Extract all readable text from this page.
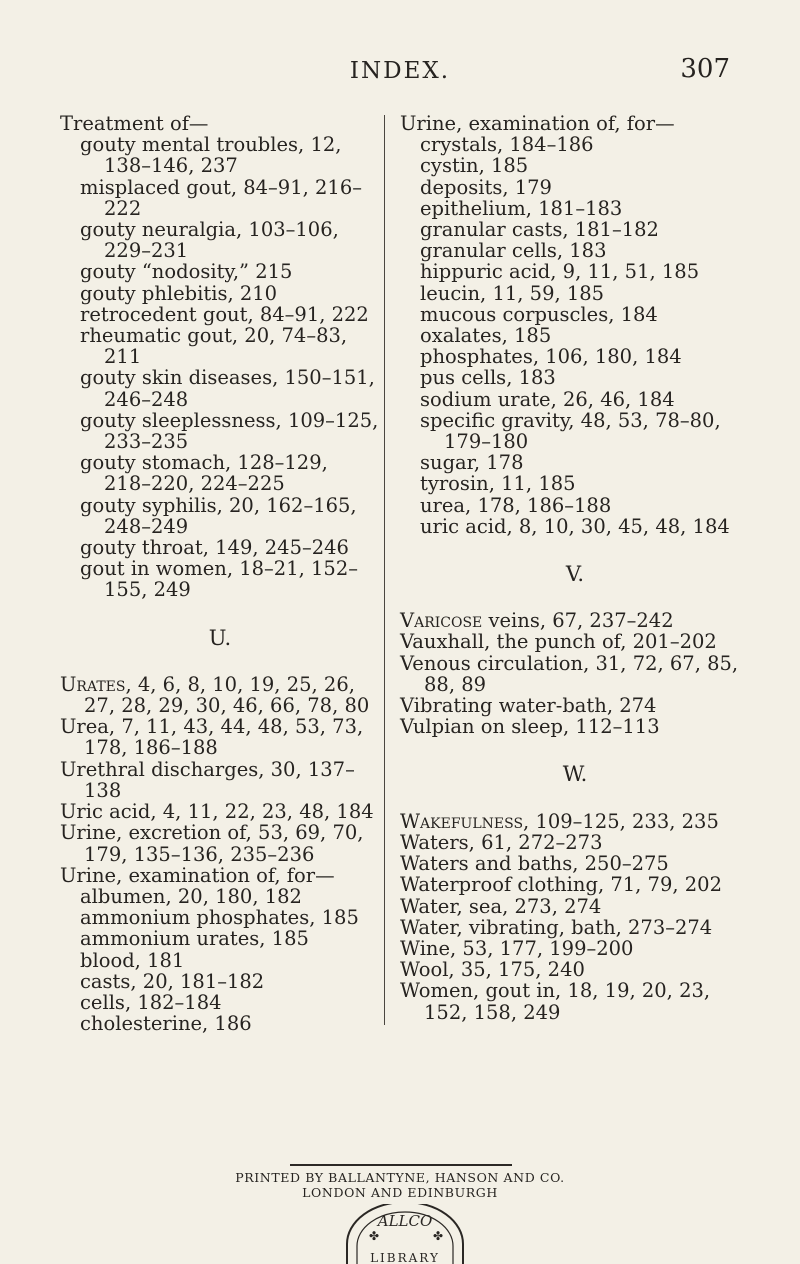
INDEX.	307
Treatment of—
gouty mental troubles, 12, 138–146, 237
misplaced gout, 84–91, 216–222
gouty neuralgia, 103–106, 229–231
gouty “nodosity,” 215
gouty phlebitis, 210
retrocedent gout, 84–91, 222
rheumatic gout, 20, 74–83, 211
gouty skin diseases, 150–151, 246–248
gouty sleeplessness, 109–125, 233–235
gouty stomach, 128–129, 218–220, 224–225
gouty syphilis, 20, 162–165, 248–249
gouty throat, 149, 245–246
gout in women, 18–21, 152–155, 249
U.
Urates, 4, 6, 8, 10, 19, 25, 26, 27, 28, 29, 30, 46, 66, 78, 80
Urea, 7, 11, 43, 44, 48, 53, 73, 178, 186–188
Urethral discharges, 30, 137–138
Uric acid, 4, 11, 22, 23, 48, 184
Urine, excretion of, 53, 69, 70, 179, 135–136, 235–236
Urine, examination of, for—
albumen, 20, 180, 182
ammonium phosphates, 185
ammonium urates, 185
blood, 181
casts, 20, 181–182
cells, 182–184
cholesterine, 186
Urine, examination of, for—
crystals, 184–186
cystin, 185
deposits, 179
epithelium, 181–183
granular casts, 181–182
granular cells, 183
hippuric acid, 9, 11, 51, 185
leucin, 11, 59, 185
mucous corpuscles, 184
oxalates, 185
phosphates, 106, 180, 184
pus cells, 183
sodium urate, 26, 46, 184
specific gravity, 48, 53, 78–80, 179–180
sugar, 178
tyrosin, 11, 185
urea, 178, 186–188
uric acid, 8, 10, 30, 45, 48, 184
V.
Varicose veins, 67, 237–242
Vauxhall, the punch of, 201–202
Venous circulation, 31, 72, 67, 85, 88, 89
Vibrating water-bath, 274
Vulpian on sleep, 112–113
W.
Wakefulness, 109–125, 233, 235
Waters, 61, 272–273
Waters and baths, 250–275
Waterproof clothing, 71, 79, 202
Water, sea, 273, 274
Water, vibrating, bath, 273–274
Wine, 53, 177, 199–200
Wool, 35, 175, 240
Women, gout in, 18, 19, 20, 23, 152, 158, 249
PRINTED BY BALLANTYNE, HANSON AND CO.
LONDON AND EDINBURGH
ALLCO
LIBRARY
✤	✤
